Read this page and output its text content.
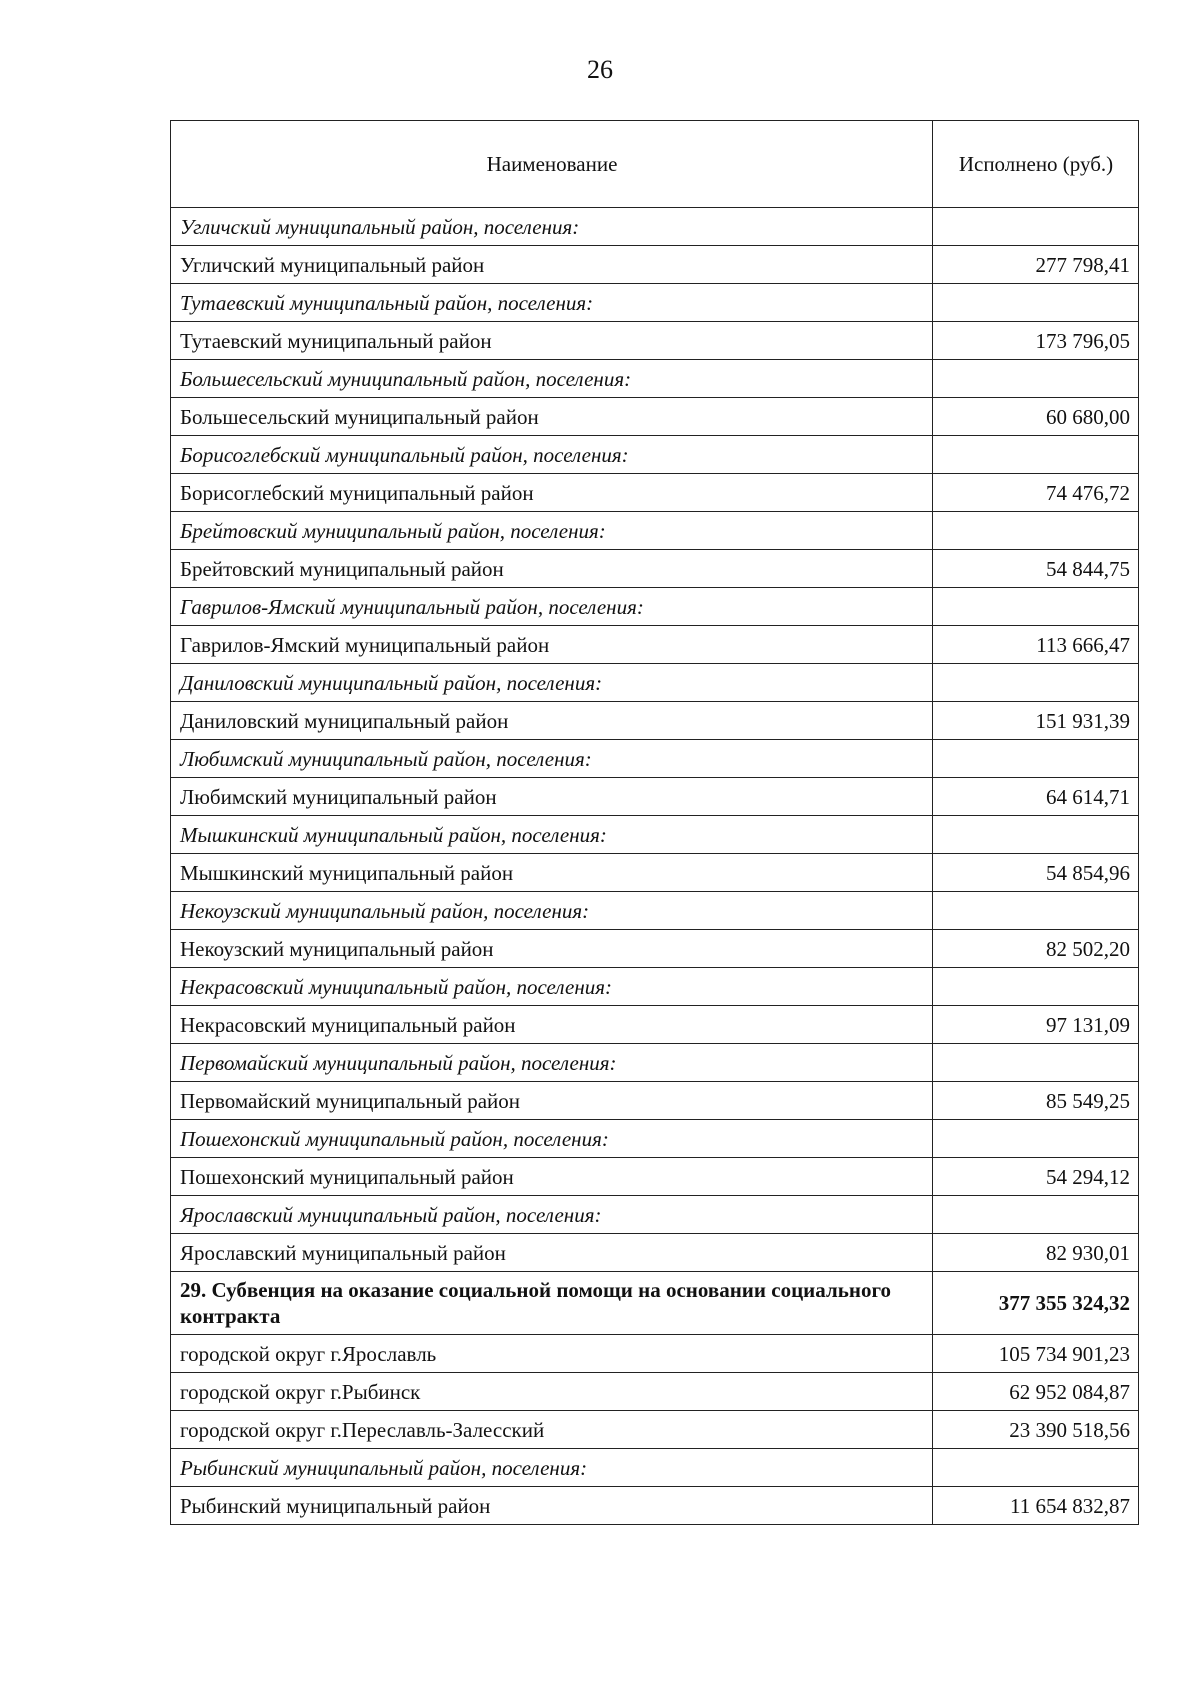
26
Наименование	Исполнено (руб.)
Угличский муниципальный район, поселения:	
Угличский муниципальный район	277 798,41
Тутаевский муниципальный район, поселения:	
Тутаевский муниципальный район	173 796,05
Большесельский муниципальный район, поселения:	
Большесельский муниципальный район	60 680,00
Борисоглебский муниципальный район, поселения:	
Борисоглебский муниципальный район	74 476,72
Брейтовский муниципальный район, поселения:	
Брейтовский муниципальный район	54 844,75
Гаврилов-Ямский муниципальный район, поселения:	
Гаврилов-Ямский муниципальный район	113 666,47
Даниловский муниципальный район, поселения:	
Даниловский муниципальный район	151 931,39
Любимский муниципальный район, поселения:	
Любимский муниципальный район	64 614,71
Мышкинский муниципальный район, поселения:	
Мышкинский муниципальный район	54 854,96
Некоузский муниципальный район, поселения:	
Некоузский муниципальный район	82 502,20
Некрасовский муниципальный район, поселения:	
Некрасовский муниципальный район	97 131,09
Первомайский муниципальный район, поселения:	
Первомайский муниципальный район	85 549,25
Пошехонский муниципальный район, поселения:	
Пошехонский муниципальный район	54 294,12
Ярославский муниципальный район, поселения:	
Ярославский муниципальный район	82 930,01
29. Субвенция на оказание социальной помощи на основании социального контракта	377 355 324,32
городской округ г.Ярославль	105 734 901,23
городской округ г.Рыбинск	62 952 084,87
городской округ г.Переславль-Залесский	23 390 518,56
Рыбинский муниципальный район, поселения:	
Рыбинский муниципальный район	11 654 832,87
